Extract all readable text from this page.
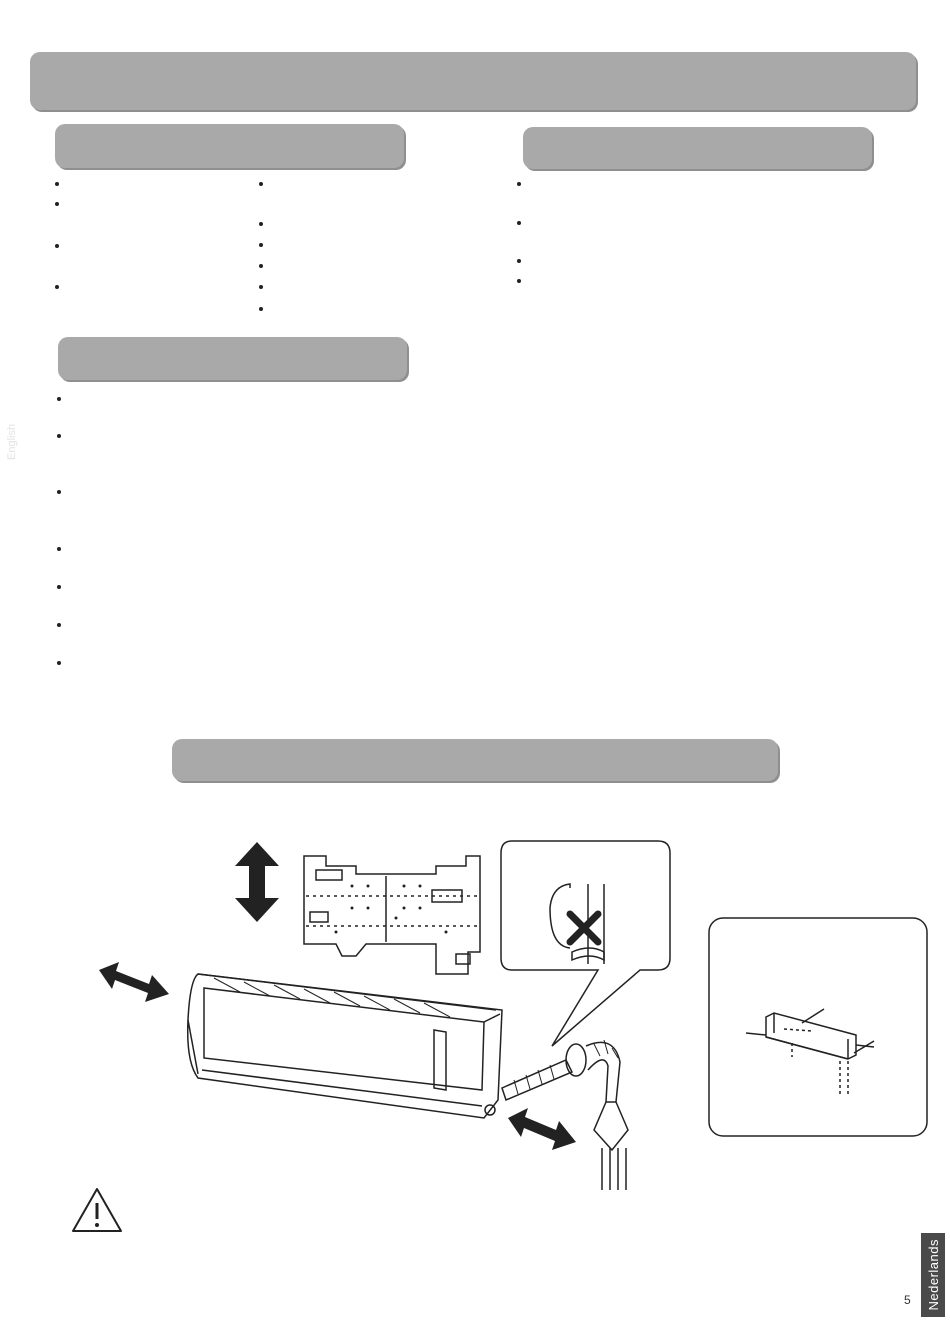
English
Nederlands
5
